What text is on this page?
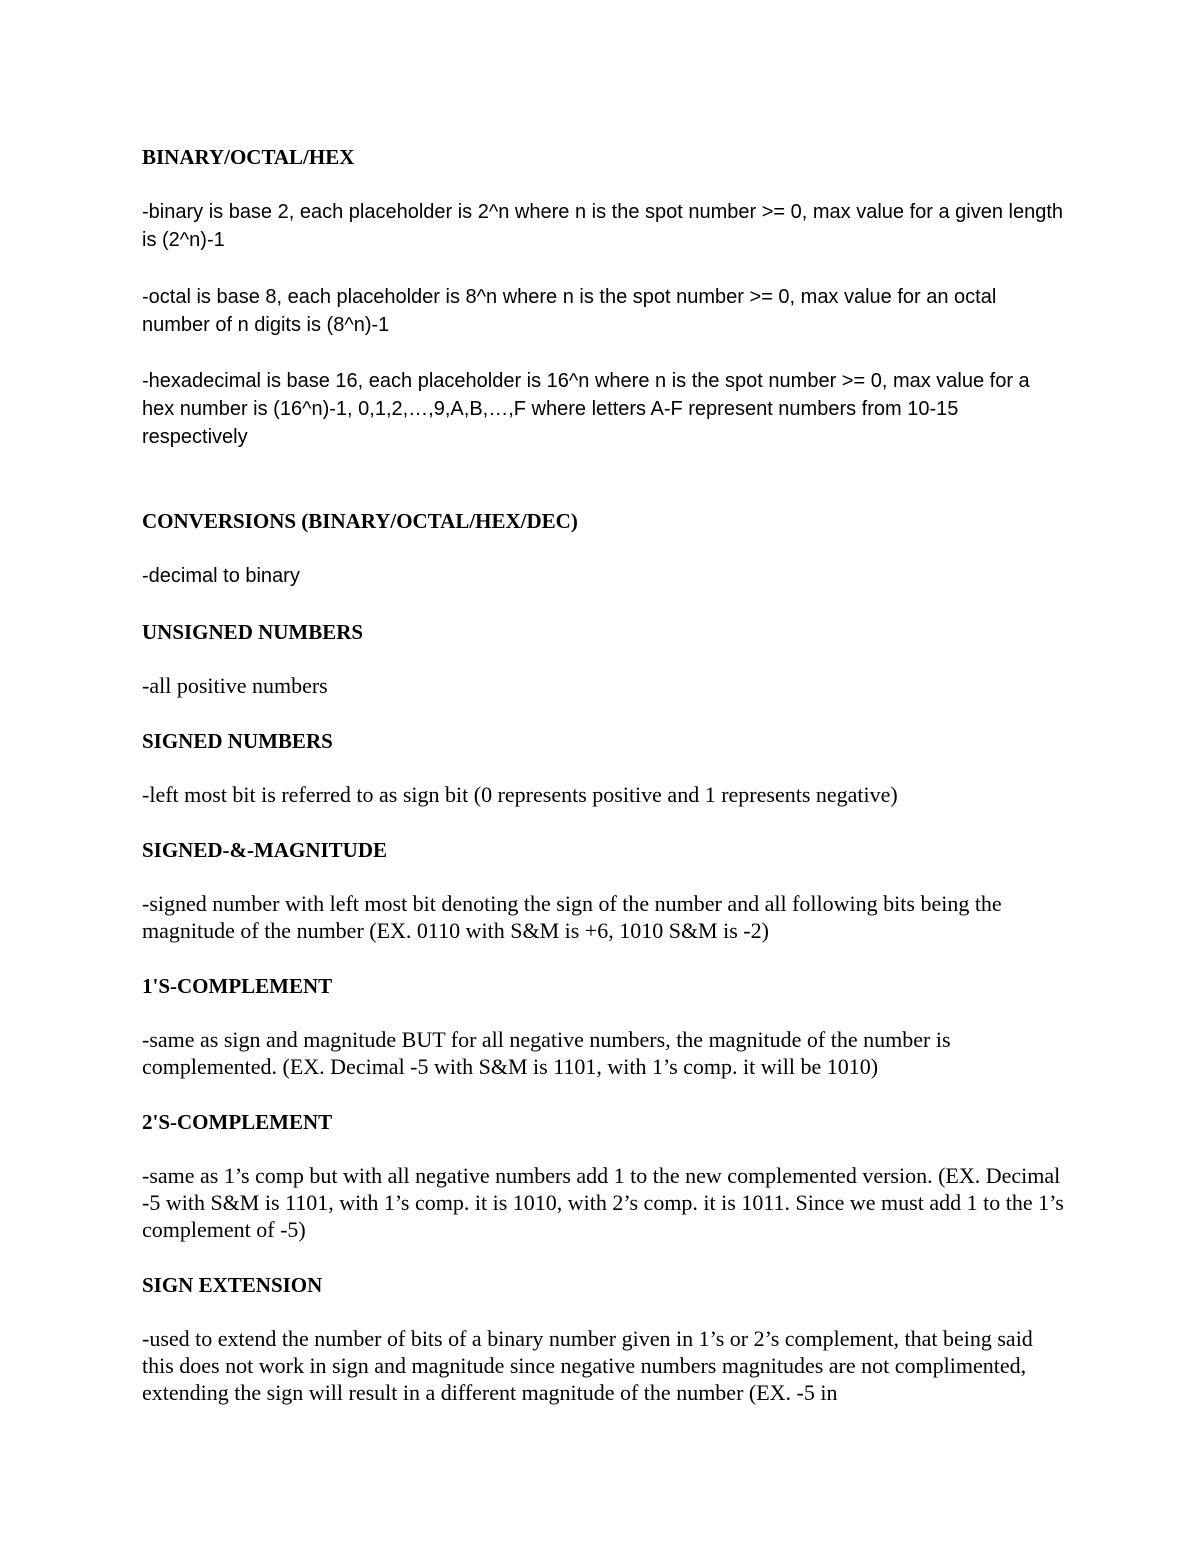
BINARY/OCTAL/HEX
-binary is base 2, each placeholder is 2^n where n is the spot number >= 0, max value for a given length is (2^n)-1
-octal is base 8, each placeholder is 8^n where n is the spot number >= 0, max value for an octal number of n digits is (8^n)-1
-hexadecimal is base 16, each placeholder is 16^n where n is the spot number >= 0, max value for a hex number is (16^n)-1, 0,1,2,…,9,A,B,…,F where letters A-F represent numbers from 10-15 respectively
CONVERSIONS (BINARY/OCTAL/HEX/DEC)
-decimal to binary
UNSIGNED NUMBERS
-all positive numbers
SIGNED NUMBERS
-left most bit is referred to as sign bit (0 represents positive and 1 represents negative)
SIGNED-&-MAGNITUDE
-signed number with left most bit denoting the sign of the number and all following bits being the magnitude of the number (EX. 0110 with S&M is +6, 1010 S&M is -2)
1'S-COMPLEMENT
-same as sign and magnitude BUT for all negative numbers, the magnitude of the number is complemented. (EX. Decimal -5 with S&M is 1101, with 1’s comp. it will be 1010)
2'S-COMPLEMENT
-same as 1’s comp but with all negative numbers add 1 to the new complemented version. (EX. Decimal -5 with S&M is 1101, with 1’s comp. it is 1010, with 2’s comp. it is 1011. Since we must add 1 to the 1’s complement of -5)
SIGN EXTENSION
-used to extend the number of bits of a binary number given in 1’s or 2’s complement, that being said this does not work in sign and magnitude since negative numbers magnitudes are not complimented, extending the sign will result in a different magnitude of the number (EX. -5 in
